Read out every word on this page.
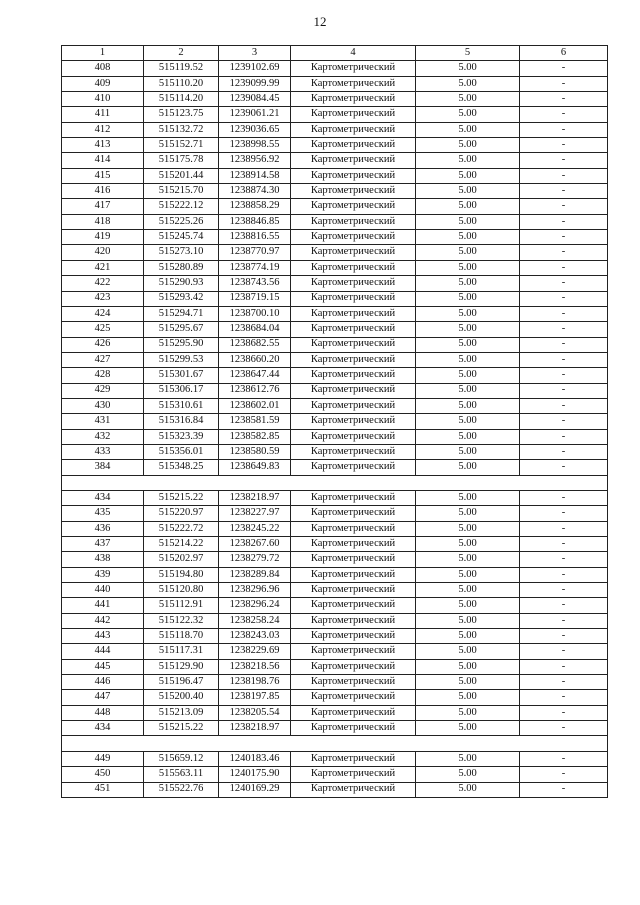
12
1	2	3	4	5	6
408	515119.52	1239102.69	Картометрический	5.00	-
409	515110.20	1239099.99	Картометрический	5.00	-
410	515114.20	1239084.45	Картометрический	5.00	-
411	515123.75	1239061.21	Картометрический	5.00	-
412	515132.72	1239036.65	Картометрический	5.00	-
413	515152.71	1238998.55	Картометрический	5.00	-
414	515175.78	1238956.92	Картометрический	5.00	-
415	515201.44	1238914.58	Картометрический	5.00	-
416	515215.70	1238874.30	Картометрический	5.00	-
417	515222.12	1238858.29	Картометрический	5.00	-
418	515225.26	1238846.85	Картометрический	5.00	-
419	515245.74	1238816.55	Картометрический	5.00	-
420	515273.10	1238770.97	Картометрический	5.00	-
421	515280.89	1238774.19	Картометрический	5.00	-
422	515290.93	1238743.56	Картометрический	5.00	-
423	515293.42	1238719.15	Картометрический	5.00	-
424	515294.71	1238700.10	Картометрический	5.00	-
425	515295.67	1238684.04	Картометрический	5.00	-
426	515295.90	1238682.55	Картометрический	5.00	-
427	515299.53	1238660.20	Картометрический	5.00	-
428	515301.67	1238647.44	Картометрический	5.00	-
429	515306.17	1238612.76	Картометрический	5.00	-
430	515310.61	1238602.01	Картометрический	5.00	-
431	515316.84	1238581.59	Картометрический	5.00	-
432	515323.39	1238582.85	Картометрический	5.00	-
433	515356.01	1238580.59	Картометрический	5.00	-
384	515348.25	1238649.83	Картометрический	5.00	-

434	515215.22	1238218.97	Картометрический	5.00	-
435	515220.97	1238227.97	Картометрический	5.00	-
436	515222.72	1238245.22	Картометрический	5.00	-
437	515214.22	1238267.60	Картометрический	5.00	-
438	515202.97	1238279.72	Картометрический	5.00	-
439	515194.80	1238289.84	Картометрический	5.00	-
440	515120.80	1238296.96	Картометрический	5.00	-
441	515112.91	1238296.24	Картометрический	5.00	-
442	515122.32	1238258.24	Картометрический	5.00	-
443	515118.70	1238243.03	Картометрический	5.00	-
444	515117.31	1238229.69	Картометрический	5.00	-
445	515129.90	1238218.56	Картометрический	5.00	-
446	515196.47	1238198.76	Картометрический	5.00	-
447	515200.40	1238197.85	Картометрический	5.00	-
448	515213.09	1238205.54	Картометрический	5.00	-
434	515215.22	1238218.97	Картометрический	5.00	-

449	515659.12	1240183.46	Картометрический	5.00	-
450	515563.11	1240175.90	Картометрический	5.00	-
451	515522.76	1240169.29	Картометрический	5.00	-
